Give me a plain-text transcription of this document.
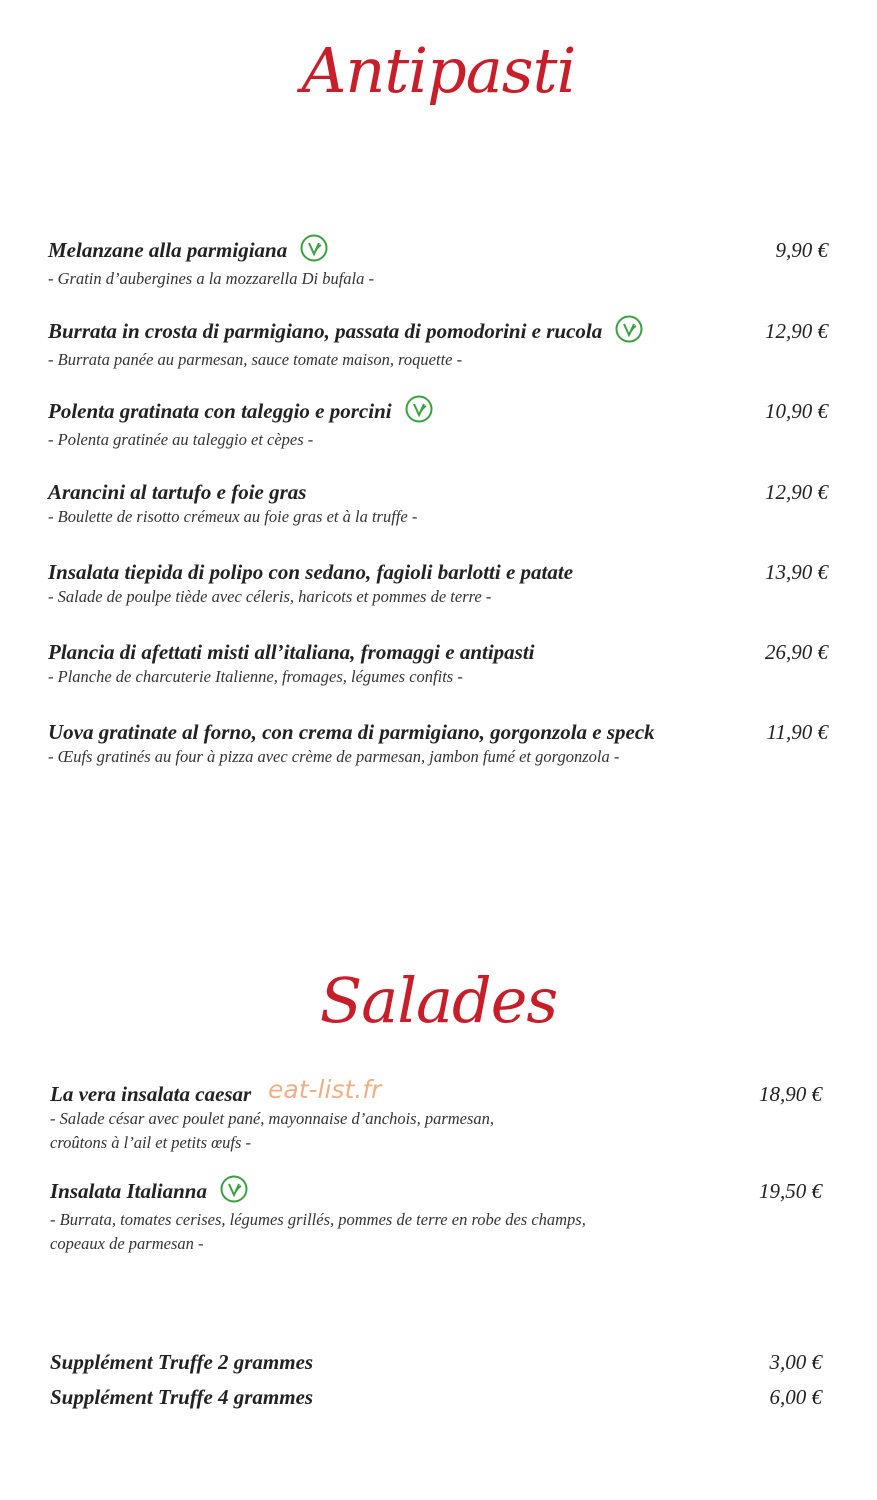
Antipasti
Melanzane alla parmigiana
- Gratin d’aubergines a la mozzarella Di bufala -
9,90 €
Burrata in crosta di parmigiano, passata di pomodorini e rucola
- Burrata panée au parmesan, sauce tomate maison, roquette -
12,90 €
Polenta gratinata con taleggio e porcini
- Polenta gratinée au taleggio et cèpes -
10,90 €
Arancini al tartufo e foie gras
- Boulette de risotto crémeux au foie gras et à la truffe -
12,90 €
Insalata tiepida di polipo con sedano, fagioli barlotti e patate
- Salade de poulpe tiède avec céleris, haricots et pommes de terre -
13,90 €
Plancia di afettati misti all’italiana, fromaggi e antipasti
- Planche de charcuterie Italienne, fromages, légumes confits -
26,90 €
Uova gratinate al forno, con crema di parmigiano, gorgonzola e speck
- Œufs gratinés au four à pizza avec crème de parmesan, jambon fumé et gorgonzola -
11,90 €
Salades
La vera insalata caesar
- Salade césar avec poulet pané, mayonnaise d’anchois, parmesan,
croûtons à l’ail et petits œufs -
18,90 €
Insalata Italianna
- Burrata, tomates cerises, légumes grillés, pommes de terre en robe des champs,
copeaux de parmesan -
19,50 €
Supplément Truffe 2 grammes	3,00 €
Supplément Truffe 4 grammes	6,00 €
eat-list.fr
